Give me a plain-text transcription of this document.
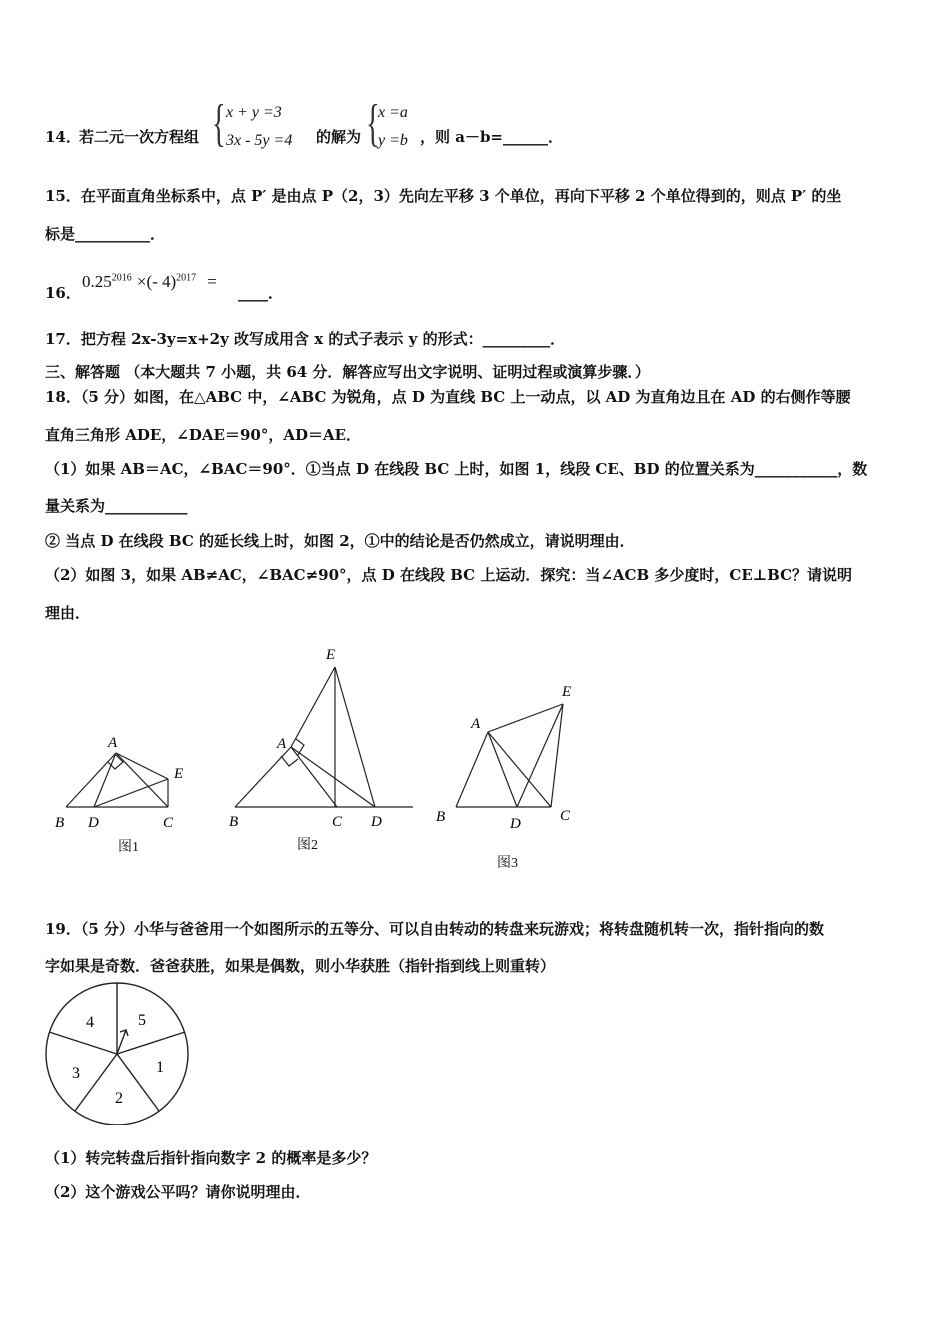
14．
若二元一次方程组 { x + y =3
3x - 5y =4 的解为 {
x =a
y =b ，则 a－b=______．
15．在平面直角坐标系中，点 P′ 是由点 P（2，3）先向左平移 3 个单位，再向下平移 2 个单位得到的，则点 P′ 的坐
标是__________．
16．
$0.25^{2016}$ ×(- 4)$^{2017}$ =
____．
17．把方程 2x-3y=x+2y 改写成用含 x 的式子表示 y 的形式：_________．
三、解答题 （本大题共 7 小题，共 64 分．解答应写出文字说明、证明过程或演算步骤．）
18．（5 分）如图，在△ABC 中，∠ABC 为锐角，点 D 为直线 BC 上一动点，以 AD 为直角边且在 AD 的右侧作等腰
直角三角形 ADE，∠DAE＝90°，AD＝AE．
（1）如果 AB＝AC，∠BAC＝90°．①当点 D 在线段 BC 上时，如图 1，线段 CE、BD 的位置关系为___________，数
量关系为___________
② 当点 D 在线段 BC 的延长线上时，如图 2，①中的结论是否仍然成立，请说明理由．
（2）如图 3，如果 AB≠AC，∠BAC≠90°，点 D 在线段 BC 上运动．探究：当∠ACB 多少度时，CE⊥BC？请说明
理由．
A
B D	C
E
图1
E
A
B	C D
图2
E
A
B	D	C
图3
19．（5 分）小华与爸爸用一个如图所示的五等分、可以自由转动的转盘来玩游戏；将转盘随机转一次，指针指向的数
字如果是奇数．爸爸获胜，如果是偶数，则小华获胜（指针指到线上则重转）
1
2
3
4	5
（1）转完转盘后指针指向数字 2 的概率是多少？
（2）这个游戏公平吗？请你说明理由．
